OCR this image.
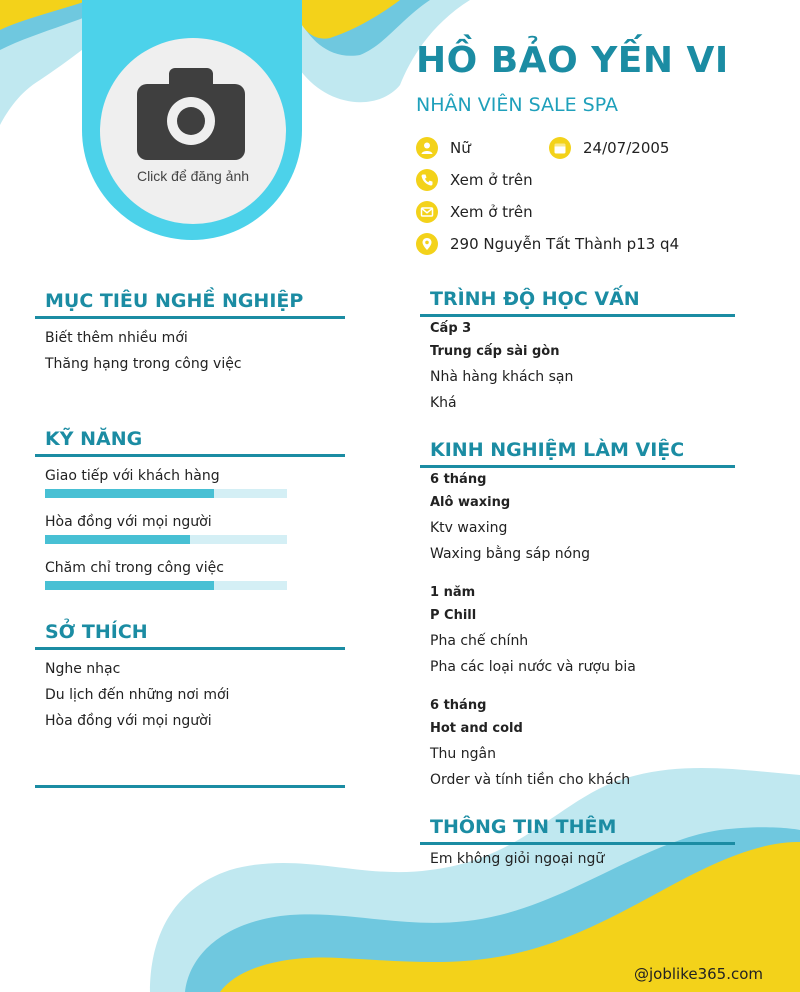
Click để đăng ảnh
HỒ BẢO YẾN VI
NHÂN VIÊN SALE SPA
Nữ	24/07/2005
Xem ở trên
Xem ở trên
290 Nguyễn Tất Thành p13 q4
MỤC TIÊU NGHỀ NGHIỆP
Biết thêm nhiều mới
Thăng hạng trong công việc
KỸ NĂNG
Giao tiếp với khách hàng
Hòa đồng với mọi người
Chăm chỉ trong công việc
SỞ THÍCH
Nghe nhạc
Du lịch đến những nơi mới
Hòa đồng với mọi người
TRÌNH ĐỘ HỌC VẤN
Cấp 3
Trung cấp sài gòn
Nhà hàng khách sạn
Khá
KINH NGHIỆM LÀM VIỆC
6 tháng
Alô waxing
Ktv waxing
Waxing bằng sáp nóng
1 năm
P Chill
Pha chế chính
Pha các loại nước và rượu bia
6 tháng
Hot and cold
Thu ngân
Order và tính tiền cho khách
THÔNG TIN THÊM
Em không giỏi ngoại ngữ
@joblike365.com
